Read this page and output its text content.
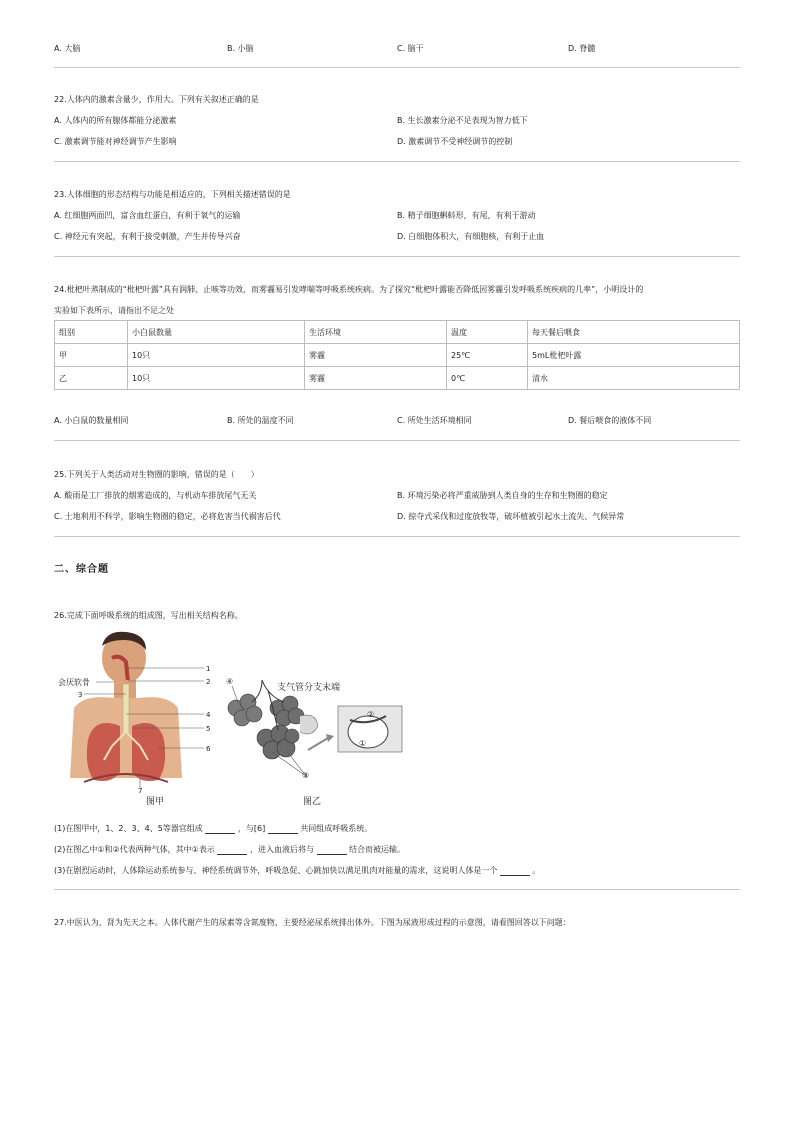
A. 大脑	B. 小脑	C. 脑干	D. 脊髓
22.人体内的激素含量少，作用大。下列有关叙述正确的是
A. 人体内的所有腺体都能分泌激素	B. 生长激素分泌不足表现为智力低下
C. 激素调节能对神经调节产生影响	D. 激素调节不受神经调节的控制
23.人体细胞的形态结构与功能是相适应的，下列相关描述错误的是
A. 红细胞两面凹，富含血红蛋白，有利于氧气的运输	B. 精子细胞蝌蚪形，有尾，有利于游动
C. 神经元有突起，有利于接受刺激，产生并传导兴奋	D. 白细胞体积大，有细胞核，有利于止血
24.枇杷叶蒸制成的“枇杷叶露”具有润肺、止咳等功效，而雾霾易引发哮喘等呼吸系统疾病。为了探究“枇杷叶露能否降低因雾霾引发呼吸系统疾病的几率”，小明设计的
实验如下表所示，请指出不足之处
组别	小白鼠数量	生活环境	温度	每天餐后喂食
甲	10只	雾霾	25℃	5mL枇杷叶露
乙	10只	雾霾	0℃	清水
A. 小白鼠的数量相同	B. 所处的温度不同	C. 所处生活环境相同	D. 餐后喂食的液体不同
25.下列关于人类活动对生物圈的影响，错误的是（　　）
A. 酸雨是工厂排放的烟雾造成的，与机动车排放尾气无关	B. 环境污染必将严重威胁到人类自身的生存和生物圈的稳定
C. 土地利用不科学，影响生物圈的稳定，必将危害当代祸害后代	D. 掠夺式采伐和过度放牧等，破坏植被引起水土流失、气候异常
二、综合题
26.完成下面呼吸系统的组成图，写出相关结构名称。
1
2
3
4
5
6
7
会厌软骨
图甲
④
支气管分支末端
②
①
③
图乙
(1)在图甲中，1、2、3、4、5等器官组成	，与[6]	共同组成呼吸系统。
(2)在图乙中①和②代表两种气体，其中①表示	，进入血液后将与	结合而被运输。
(3)在剧烈运动时，人体除运动系统参与、神经系统调节外，呼吸急促、心跳加快以满足肌肉对能量的需求，这说明人体是一个	。
27.中医认为，肾为先天之本。人体代谢产生的尿素等含氮废物，主要经泌尿系统排出体外。下图为尿液形成过程的示意图，请看图回答以下问题：
